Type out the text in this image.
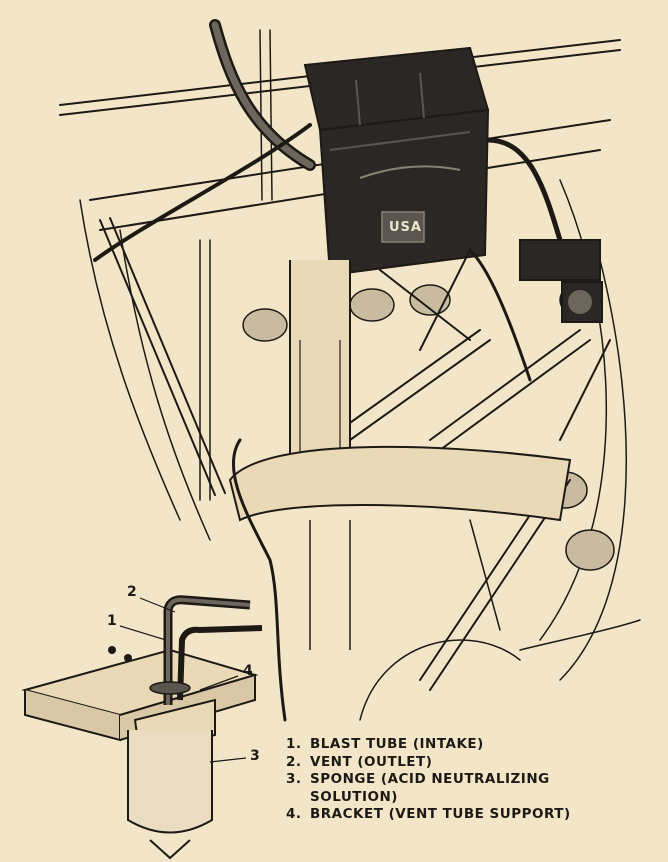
USA
2
1
4
3
1. BLAST TUBE (INTAKE)
2. VENT (OUTLET)
3. SPONGE (ACID NEUTRALIZING
SOLUTION)
4. BRACKET (VENT TUBE SUPPORT)
